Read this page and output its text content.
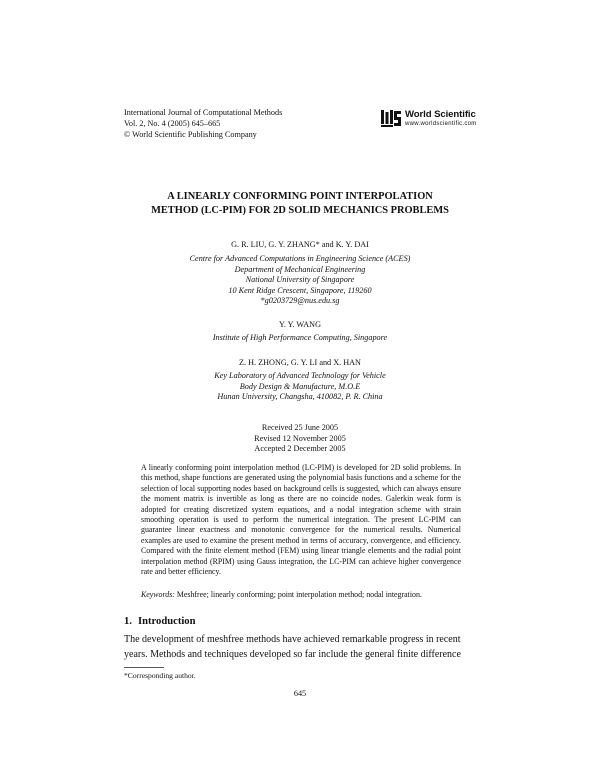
International Journal of Computational Methods
Vol. 2, No. 4 (2005) 645–665
© World Scientific Publishing Company
World Scientific
www.worldscientific.com
A LINEARLY CONFORMING POINT INTERPOLATION
METHOD (LC-PIM) FOR 2D SOLID MECHANICS PROBLEMS
G. R. LIU, G. Y. ZHANG* and K. Y. DAI
Centre for Advanced Computations in Engineering Science (ACES)
Department of Mechanical Engineering
National University of Singapore
10 Kent Ridge Crescent, Singapore, 119260
*g0203729@nus.edu.sg
Y. Y. WANG
Institute of High Performance Computing, Singapore
Z. H. ZHONG, G. Y. LI and X. HAN
Key Laboratory of Advanced Technology for Vehicle
Body Design & Manufacture, M.O.E
Hunan University, Changsha, 410082, P. R. China
Received 25 June 2005
Revised 12 November 2005
Accepted 2 December 2005
A linearly conforming point interpolation method (LC-PIM) is developed for 2D solid problems. In this method, shape functions are generated using the polynomial basis functions and a scheme for the selection of local supporting nodes based on background cells is suggested, which can always ensure the moment matrix is invertible as long as there are no coincide nodes. Galerkin weak form is adopted for creating discretized system equations, and a nodal integration scheme with strain smoothing operation is used to perform the numerical integration. The present LC-PIM can guarantee linear exactness and monotonic convergence for the numerical results. Numerical examples are used to examine the present method in terms of accuracy, convergence, and efficiency. Compared with the finite element method (FEM) using linear triangle elements and the radial point interpolation method (RPIM) using Gauss integration, the LC-PIM can achieve higher convergence rate and better efficiency.
Keywords: Meshfree; linearly conforming; point interpolation method; nodal integration.
1. Introduction
The development of meshfree methods have achieved remarkable progress in recent
years. Methods and techniques developed so far include the general finite difference
*Corresponding author.
645
